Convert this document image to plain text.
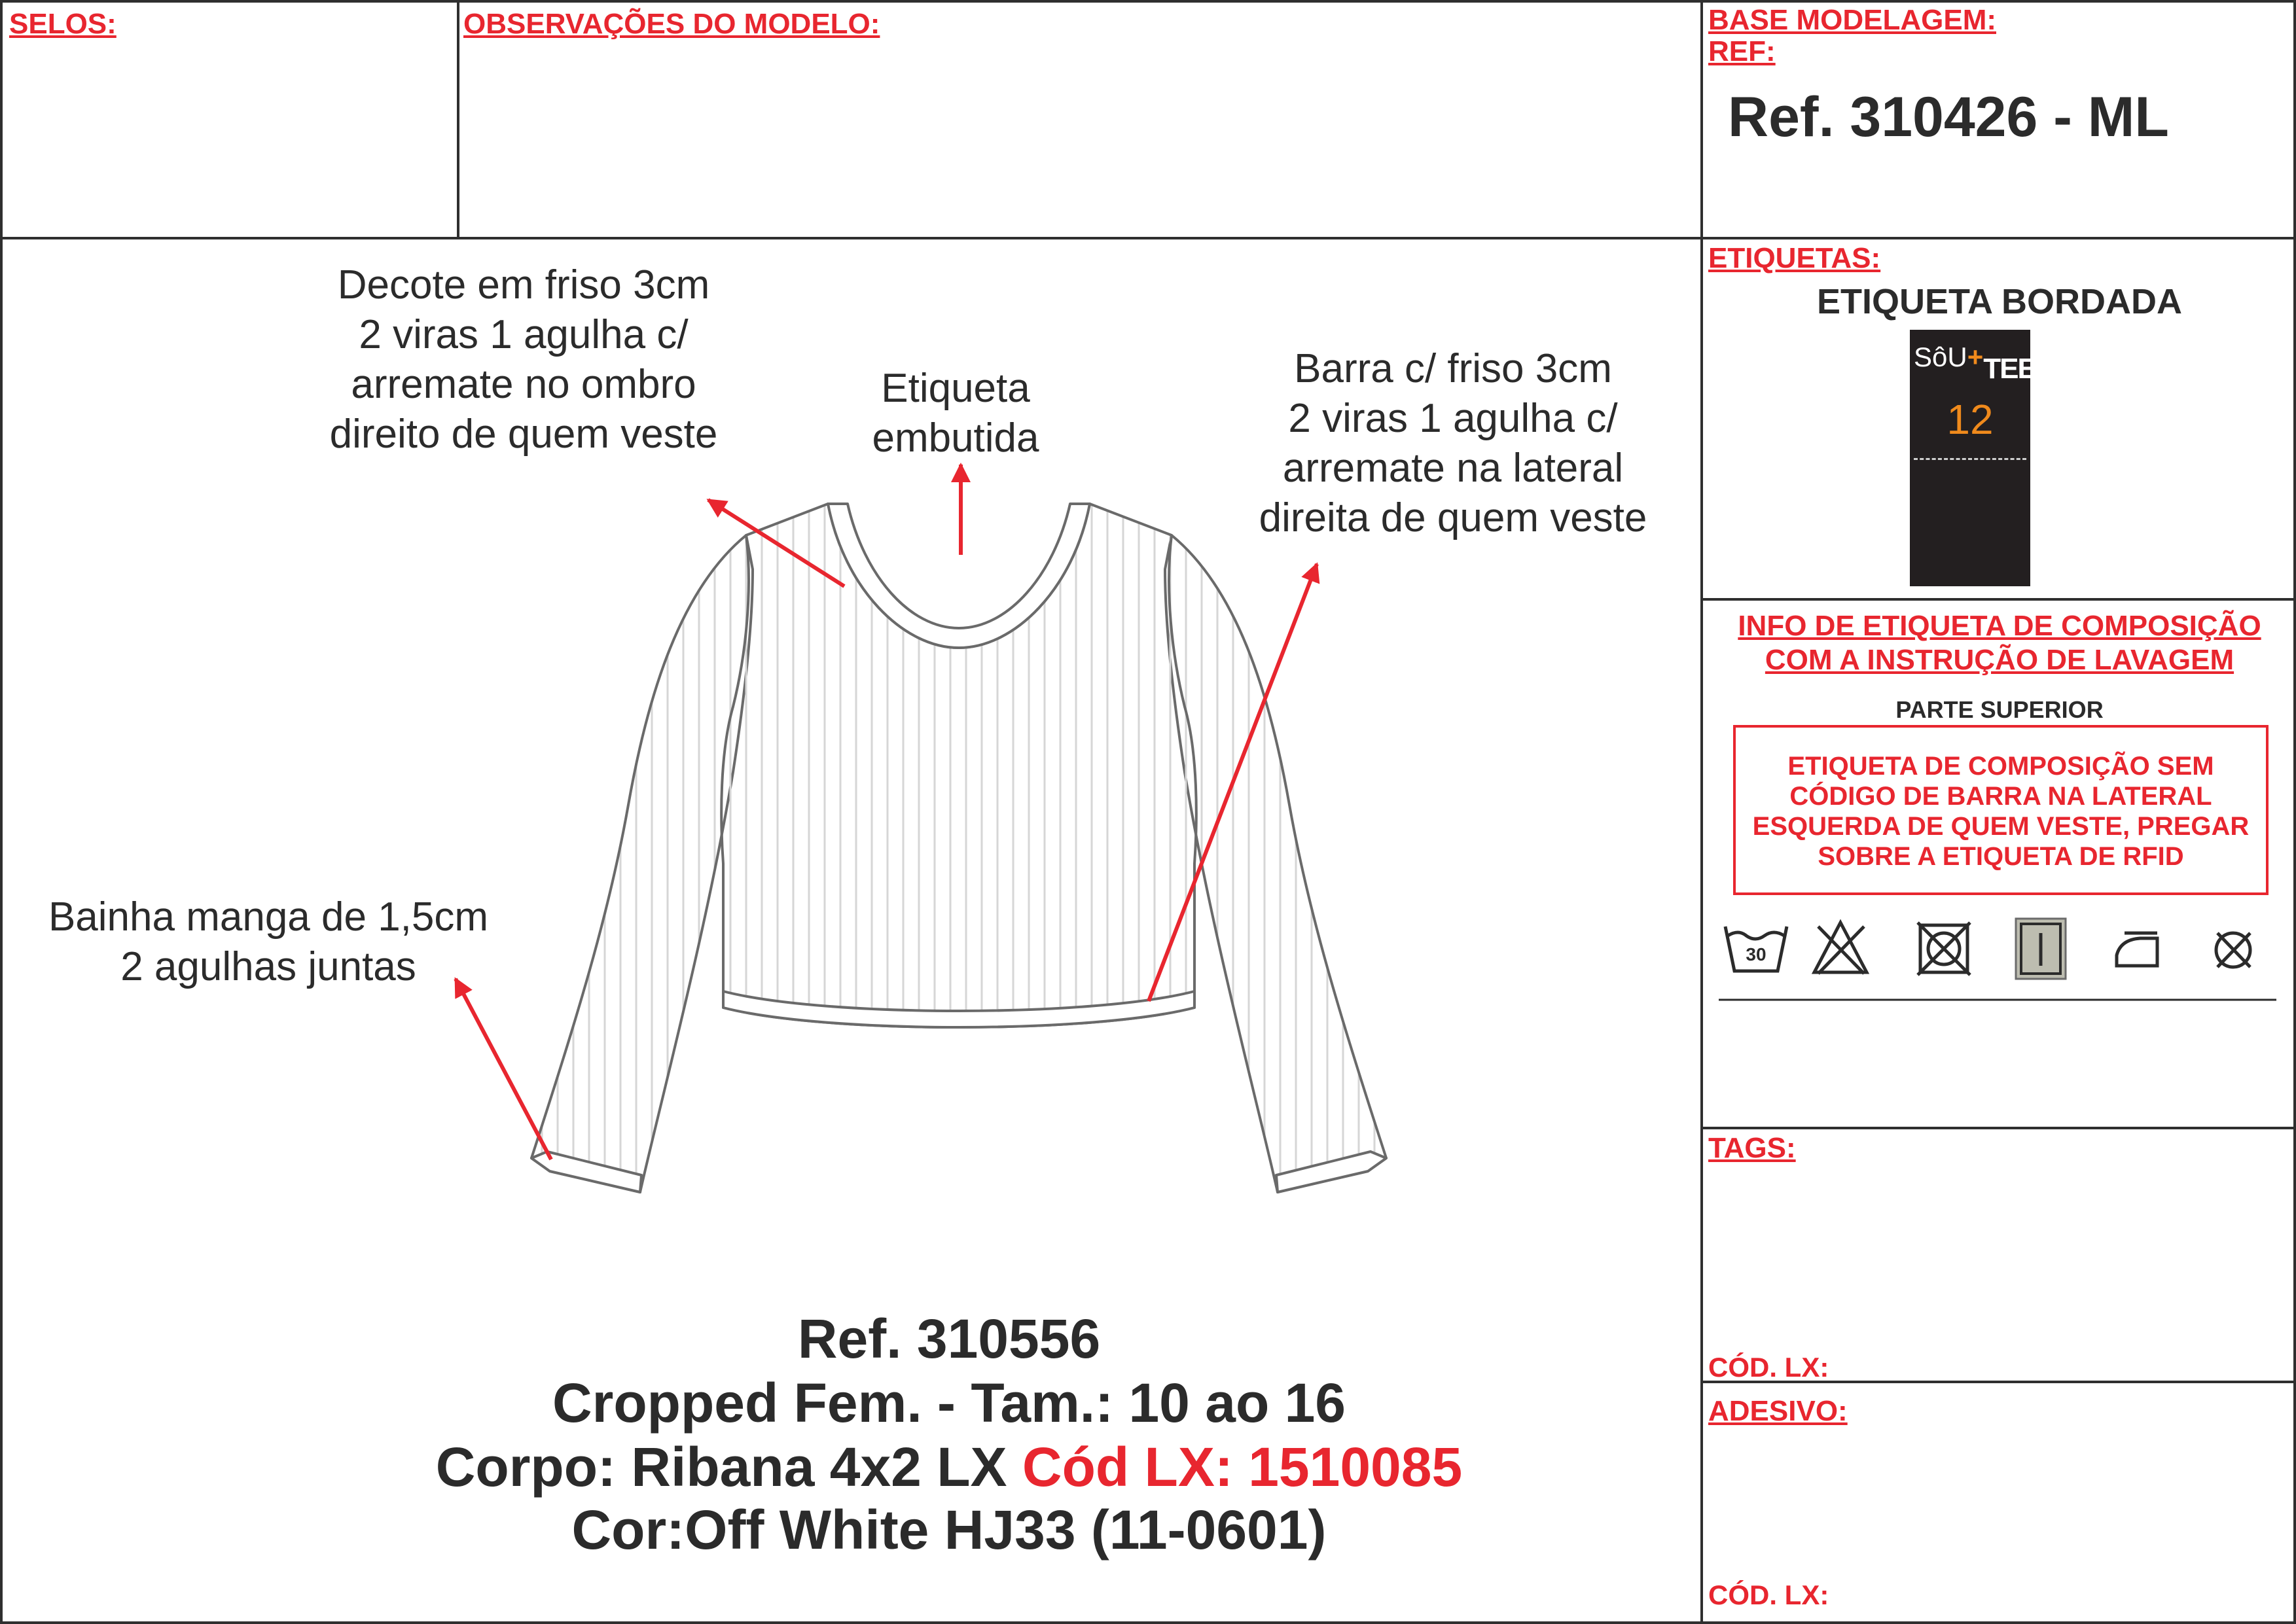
SELOS:	OBSERVAÇÕES DO MODELO:	BASE MODELAGEM:
REF:
Ref. 310426 - ML
Decote em friso 3cm
2 viras 1 agulha c/
arremate no ombro
direito de quem veste
Etiqueta
embutida
Barra c/ friso 3cm
2 viras 1 agulha c/
arremate na lateral
direita de quem veste
Bainha manga de 1,5cm
2 agulhas juntas
Ref. 310556
Cropped Fem. - Tam.: 10 ao 16
Corpo: Ribana 4x2 LX Cód LX: 1510085
Cor:Off White HJ33 (11-0601)
ETIQUETAS:
ETIQUETA BORDADA
SôU+TEEN
12
INFO DE ETIQUETA DE COMPOSIÇÃO
COM A INSTRUÇÃO DE LAVAGEM
PARTE SUPERIOR
ETIQUETA DE COMPOSIÇÃO SEM
CÓDIGO DE BARRA NA LATERAL
ESQUERDA DE QUEM VESTE, PREGAR
SOBRE A ETIQUETA DE RFID
30
TAGS:
CÓD. LX:
ADESIVO:
CÓD. LX:
